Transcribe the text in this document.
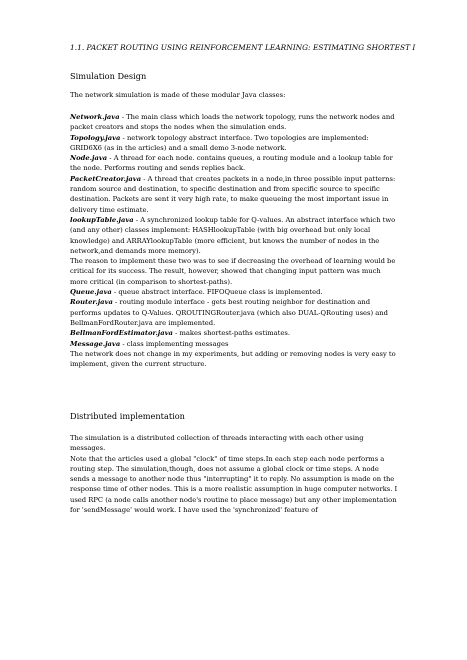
1.1. PACKET ROUTING USING REINFORCEMENT LEARNING: ESTIMATING SHORTEST I
Simulation Design
The network simulation is made of these modular Java classes:

Network.java - The main class which loads the network topology, runs the network nodes and packet creators and stops the nodes when the simulation ends.

Topology.java - network topology abstract interface. Two topologies are implemented: GRID6X6 (as in the articles) and a small demo 3-node network.

Node.java - A thread for each node. contains queues, a routing module and a lookup table for the node. Performs routing and sends replies back.

PacketCreator.java - A thread that creates packets in a node,in three possible input patterns: random source and destination, to specific destination and from specific source to specific destination. Packets are sent it very high rate, to make queueing the most important issue in delivery time estimate.

lookupTable.java - A synchronized lookup table for Q-values. An abstract interface which two (and any other) classes implement: HASHlookupTable (with big overhead but only local knowledge) and ARRAYlookupTable (more efficient, but knows the number of nodes in the network,and demands more memory).

The reason to implement these two was to see if decreasing the overhead of learning would be critical for its success. The result, however, showed that changing input pattern was much more critical (in comparison to shortest-paths).

Queue.java - queue abstract interface. FIFOQueue class is implemented.

Router.java - routing module interface - gets best routing neighbor for destination and performs updates to Q-Values. QROUTINGRouter.java (which also DUAL-QRouting uses) and BellmanFordRouter.java are implemented.

BellmanFordEstimator.java - makes shortest-paths estimates.

Message.java - class implementing messages

The network does not change in my experiments, but adding or removing nodes is very easy to implement, given the current structure.

Distributed implementation

The simulation is a distributed collection of threads interacting with each other using messages.

Note that the articles used a global "clock" of time steps.In each step each node performs a routing step. The simulation,though, does not assume a global clock or time steps. A node sends a message to another node thus "interrupting" it to reply. No assumption is made on the response time of other nodes. This is a more realistic assumption in huge computer networks. I used RPC (a node calls another node's routine to place message) but any other implementation for 'sendMessage' would work. I have used the 'synchronized' feature of
